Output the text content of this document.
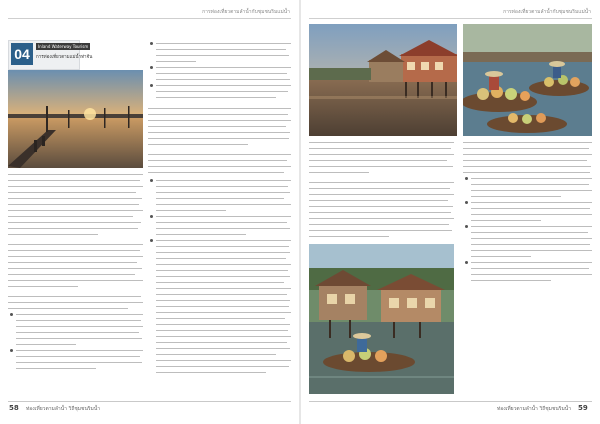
การท่องเที่ยวตามลำน้ำกับชุมชนริมแม่น้ำ
04	Inland Waterway Tourism
การท่องเที่ยวตามแม่น้ำท่าจีน
58 ท่องเที่ยวตามลำน้ำ วิถีชุมชนริมน้ำ
การท่องเที่ยวตามลำน้ำกับชุมชนริมแม่น้ำ
ท่องเที่ยวตามลำน้ำ วิถีชุมชนริมน้ำ 59
